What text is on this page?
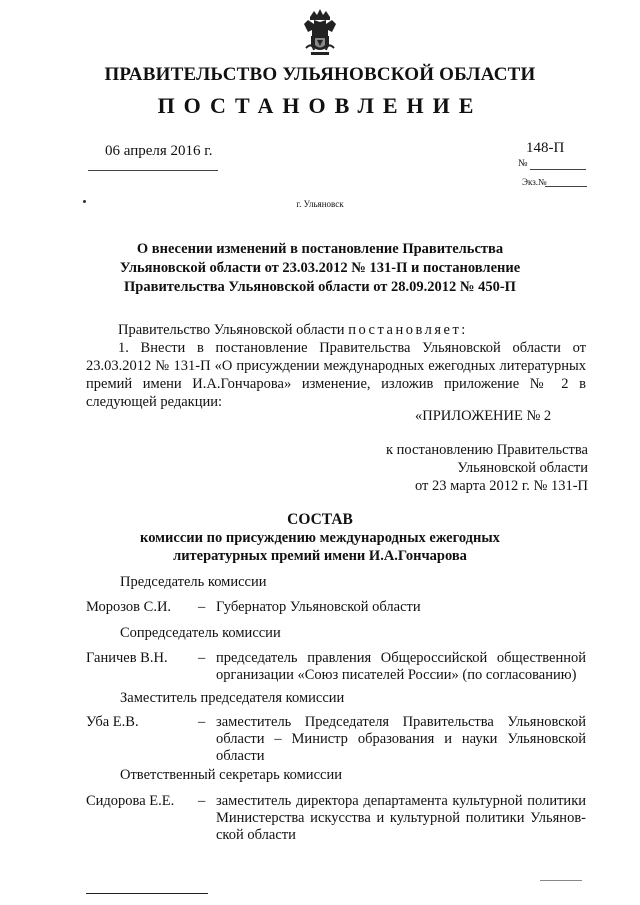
ПРАВИТЕЛЬСТВО УЛЬЯНОВСКОЙ ОБЛАСТИ
ПОСТАНОВЛЕНИЕ
06 апреля 2016 г.	148-П
№
Экз.№
г. Ульяновск
О внесении изменений в постановление Правительства
Ульяновской области от 23.03.2012 № 131-П и постановление
Правительства Ульяновской области от 28.09.2012 № 450-П
Правительство Ульяновской области постановляет:
1. Внести в постановление Правительства Ульяновской области от 23.03.2012 № 131-П «О присуждении международных ежегодных литературных премий имени И.А.Гончарова» изменение, изложив приложение № 2 в следующей редакции:
«ПРИЛОЖЕНИЕ № 2
к постановлению Правительства
Ульяновской области
от 23 марта 2012 г. № 131-П
СОСТАВ
комиссии по присуждению международных ежегодных
литературных премий имени И.А.Гончарова
Председатель комиссии
Морозов С.И. – Губернатор Ульяновской области
Сопредседатель комиссии
Ганичев В.Н. – председатель правления Общероссийской общественной организации «Союз писателей России» (по согласованию)
Заместитель председателя комиссии
Уба Е.В.	– заместитель Председателя Правительства Ульяновской области – Министр образования и науки Ульяновской области
Ответственный секретарь комиссии
Сидорова Е.Е. – заместитель директора департамента культурной политики Министерства искусства и культурной политики Ульянов-ской области
